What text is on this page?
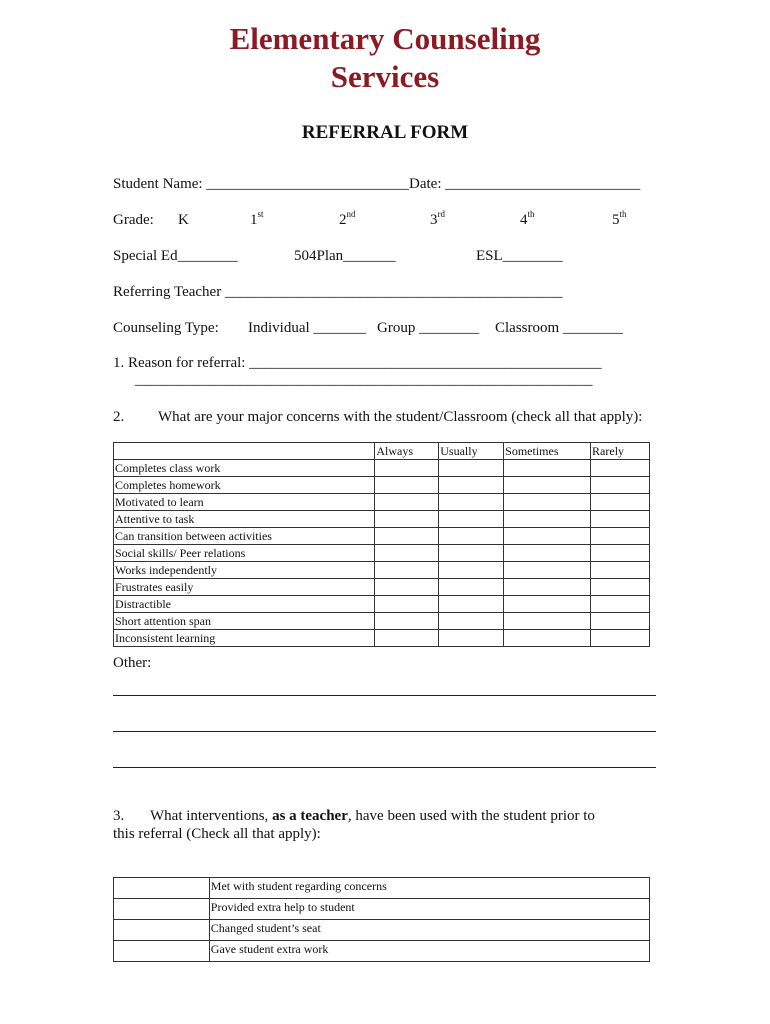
Elementary Counseling
Services
REFERRAL FORM
Student Name: ___________________________ Date: __________________________
Grade: K	1st	2nd	3rd	4th	5th
Special Ed________	504Plan_______	ESL________
Referring Teacher _____________________________________________
Counseling Type: Individual _______ Group ________ Classroom ________
1. Reason for referral: _______________________________________________
_____________________________________________________________
2. What are your major concerns with the student/Classroom (check all that apply):
	Always	Usually	Sometimes	Rarely
Completes class work				
Completes homework				
Motivated to learn				
Attentive to task				
Can transition between activities				
Social skills/ Peer relations				
Works independently				
Frustrates easily				
Distractible				
Short attention span				
Inconsistent learning				
Other:
3. What interventions, as a teacher, have been used with the student prior to
this referral (Check all that apply):
	Met with student regarding concerns
	Provided extra help to student
	Changed student’s seat
	Gave student extra work
